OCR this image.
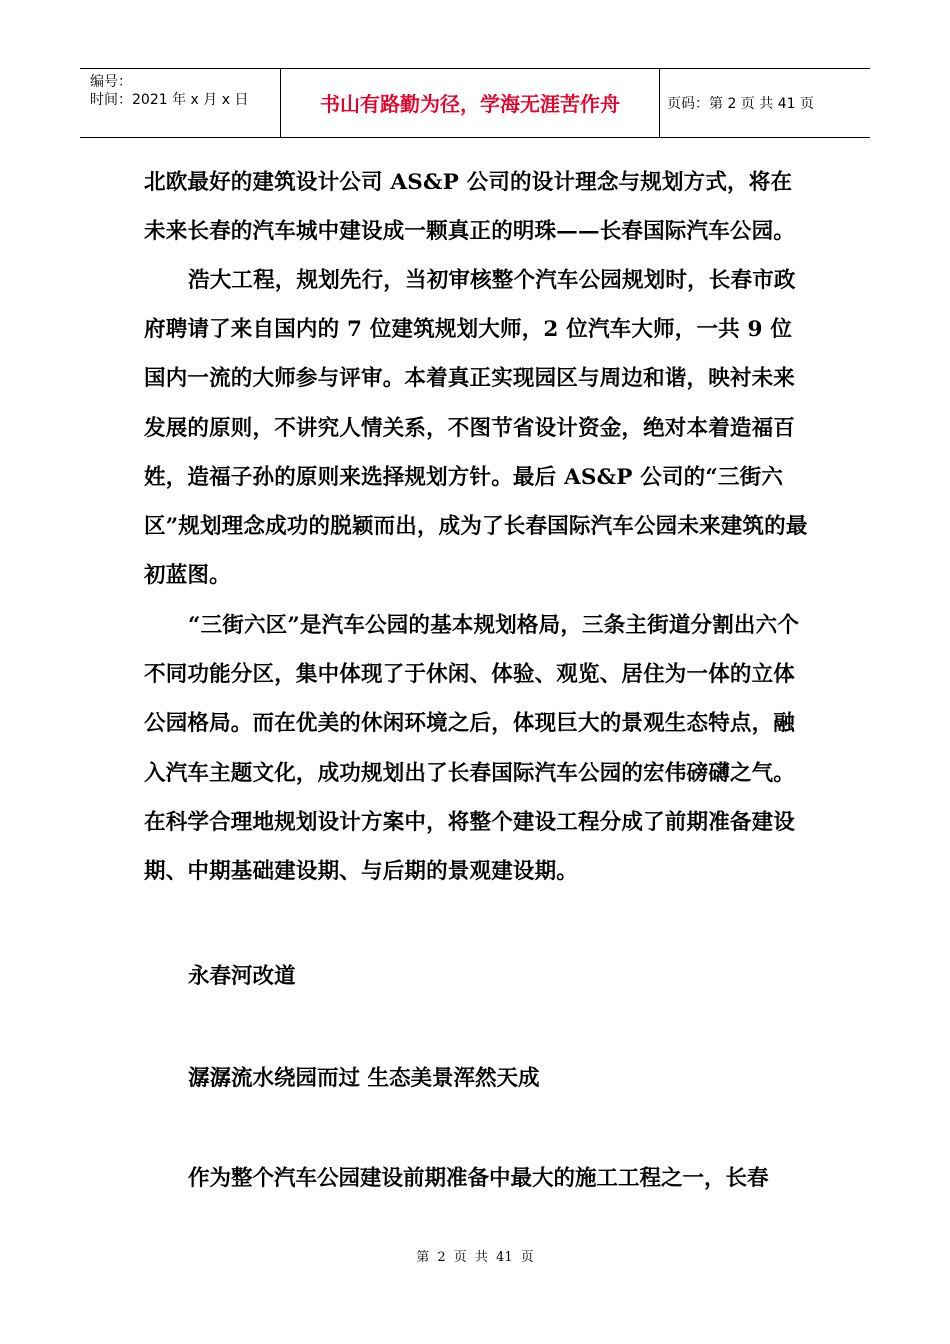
编号：
时间：2021 年 x 月 x 日	书山有路勤为径，学海无涯苦作舟	页码：第 2 页 共 41 页
北欧最好的建筑设计公司 AS&P 公司的设计理念与规划方式，将在未来长春的汽车城中建设成一颗真正的明珠——长春国际汽车公园。
浩大工程，规划先行，当初审核整个汽车公园规划时，长春市政府聘请了来自国内的 7 位建筑规划大师，2 位汽车大师，一共 9 位国内一流的大师参与评审。本着真正实现园区与周边和谐，映衬未来发展的原则，不讲究人情关系，不图节省设计资金，绝对本着造福百姓，造福子孙的原则来选择规划方针。最后 AS&P 公司的“三街六区”规划理念成功的脱颖而出，成为了长春国际汽车公园未来建筑的最初蓝图。
“三街六区”是汽车公园的基本规划格局，三条主街道分割出六个不同功能分区，集中体现了于休闲、体验、观览、居住为一体的立体公园格局。而在优美的休闲环境之后，体现巨大的景观生态特点，融入汽车主题文化，成功规划出了长春国际汽车公园的宏伟磅礴之气。在科学合理地规划设计方案中，将整个建设工程分成了前期准备建设期、中期基础建设期、与后期的景观建设期。
永春河改道
潺潺流水绕园而过 生态美景浑然天成
作为整个汽车公园建设前期准备中最大的施工工程之一，长春
第 2 页 共 41 页
